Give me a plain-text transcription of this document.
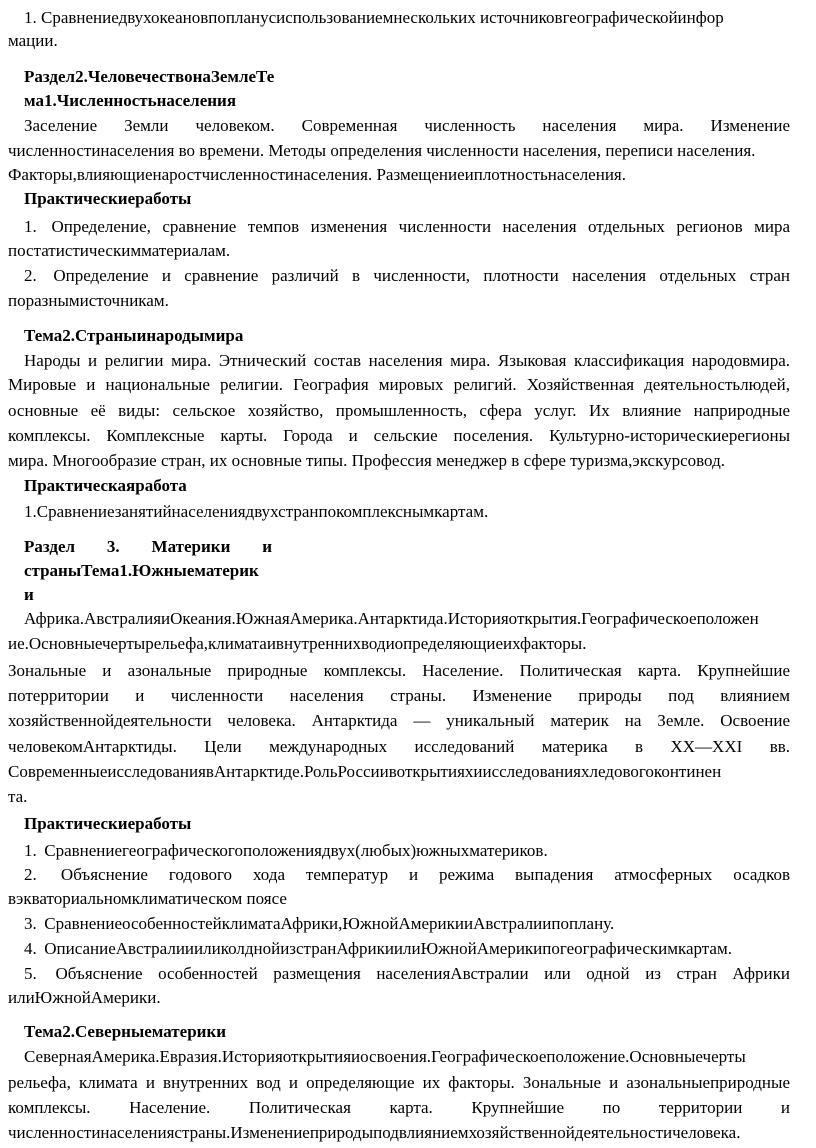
1. Сравнениедвухокеановпопланусиспользованиемнескольких источниковгеографическойинфор
мации.
Раздел2.ЧеловечествонаЗемлеТе
ма1.Численностьнаселения
Заселение Земли человеком. Современная численность населения мира. Изменение
численностинаселения во времени. Методы определения численности населения, переписи населения.
Факторы,влияющиенаростчисленностинаселения. Размещениеиплотностьнаселения.
Практическиеработы
1. Определение, сравнение темпов изменения численности населения отдельных регионов мира
постатистическимматериалам.
2. Определение и сравнение различий в численности, плотности населения отдельных стран
поразнымисточникам.
Тема2.Страныинародымира
Народы и религии мира. Этнический состав населения мира. Языковая классификация народовмира.
Мировые и национальные религии. География мировых религий. Хозяйственная деятельностьлюдей,
основные её виды: сельское хозяйство, промышленность, сфера услуг. Их влияние наприродные
комплексы. Комплексные карты. Города и сельские поселения. Культурно-историческиерегионы
мира. Многообразие стран, их основные типы. Профессия менеджер в сфере туризма,экскурсовод.
Практическаяработа
1.Сравнениезанятийнаселениядвухстранпокомплекснымкартам.
Раздел 3. Материки и
страныТема1.Южныематерик
и
Африка.АвстралияиОкеания.ЮжнаяАмерика.Антарктида.Историяоткрытия.Географическоеположен
ие.Основныечертырельефа,климатаивнутреннихводиопределяющиеихфакторы.
Зональные и азональные природные комплексы. Население. Политическая карта. Крупнейшие
потерритории и численности населения страны. Изменение природы под влиянием
хозяйственнойдеятельности человека. Антарктида — уникальный материк на Земле. Освоение
человекомАнтарктиды. Цели международных исследований материка в XX—XXI вв.
СовременныеисследованиявАнтарктиде.РольРоссиивоткрытияхиисследованияхледовогоконтинен
та.
Практическиеработы
1. Сравнениегеографическогоположениядвух(любых)южныхматериков.
2. Объяснение годового хода температур и режима выпадения атмосферных осадков
вэкваториальномклиматическом поясе
3. СравнениеособенностейклиматаАфрики,ЮжнойАмерикииАвстралиипоплану.
4. ОписаниеАвстралиииликолднойизстранАфрикиилиЮжнойАмерикипогеографическимкартам.
5. Объяснение особенностей размещения населенияАвстралии или одной из стран Африки
илиЮжнойАмерики.
Тема2.Северныематерики
СевернаяАмерика.Евразия.Историяоткрытияиосвоения.Географическоеположение.Основныечерты
рельефа, климата и внутренних вод и определяющие их факторы. Зональные и азональныеприродные
комплексы. Население. Политическая карта. Крупнейшие по территории и
численностинаселениястраны.Изменениеприродыподвлияниемхозяйственнойдеятельностичеловека.
